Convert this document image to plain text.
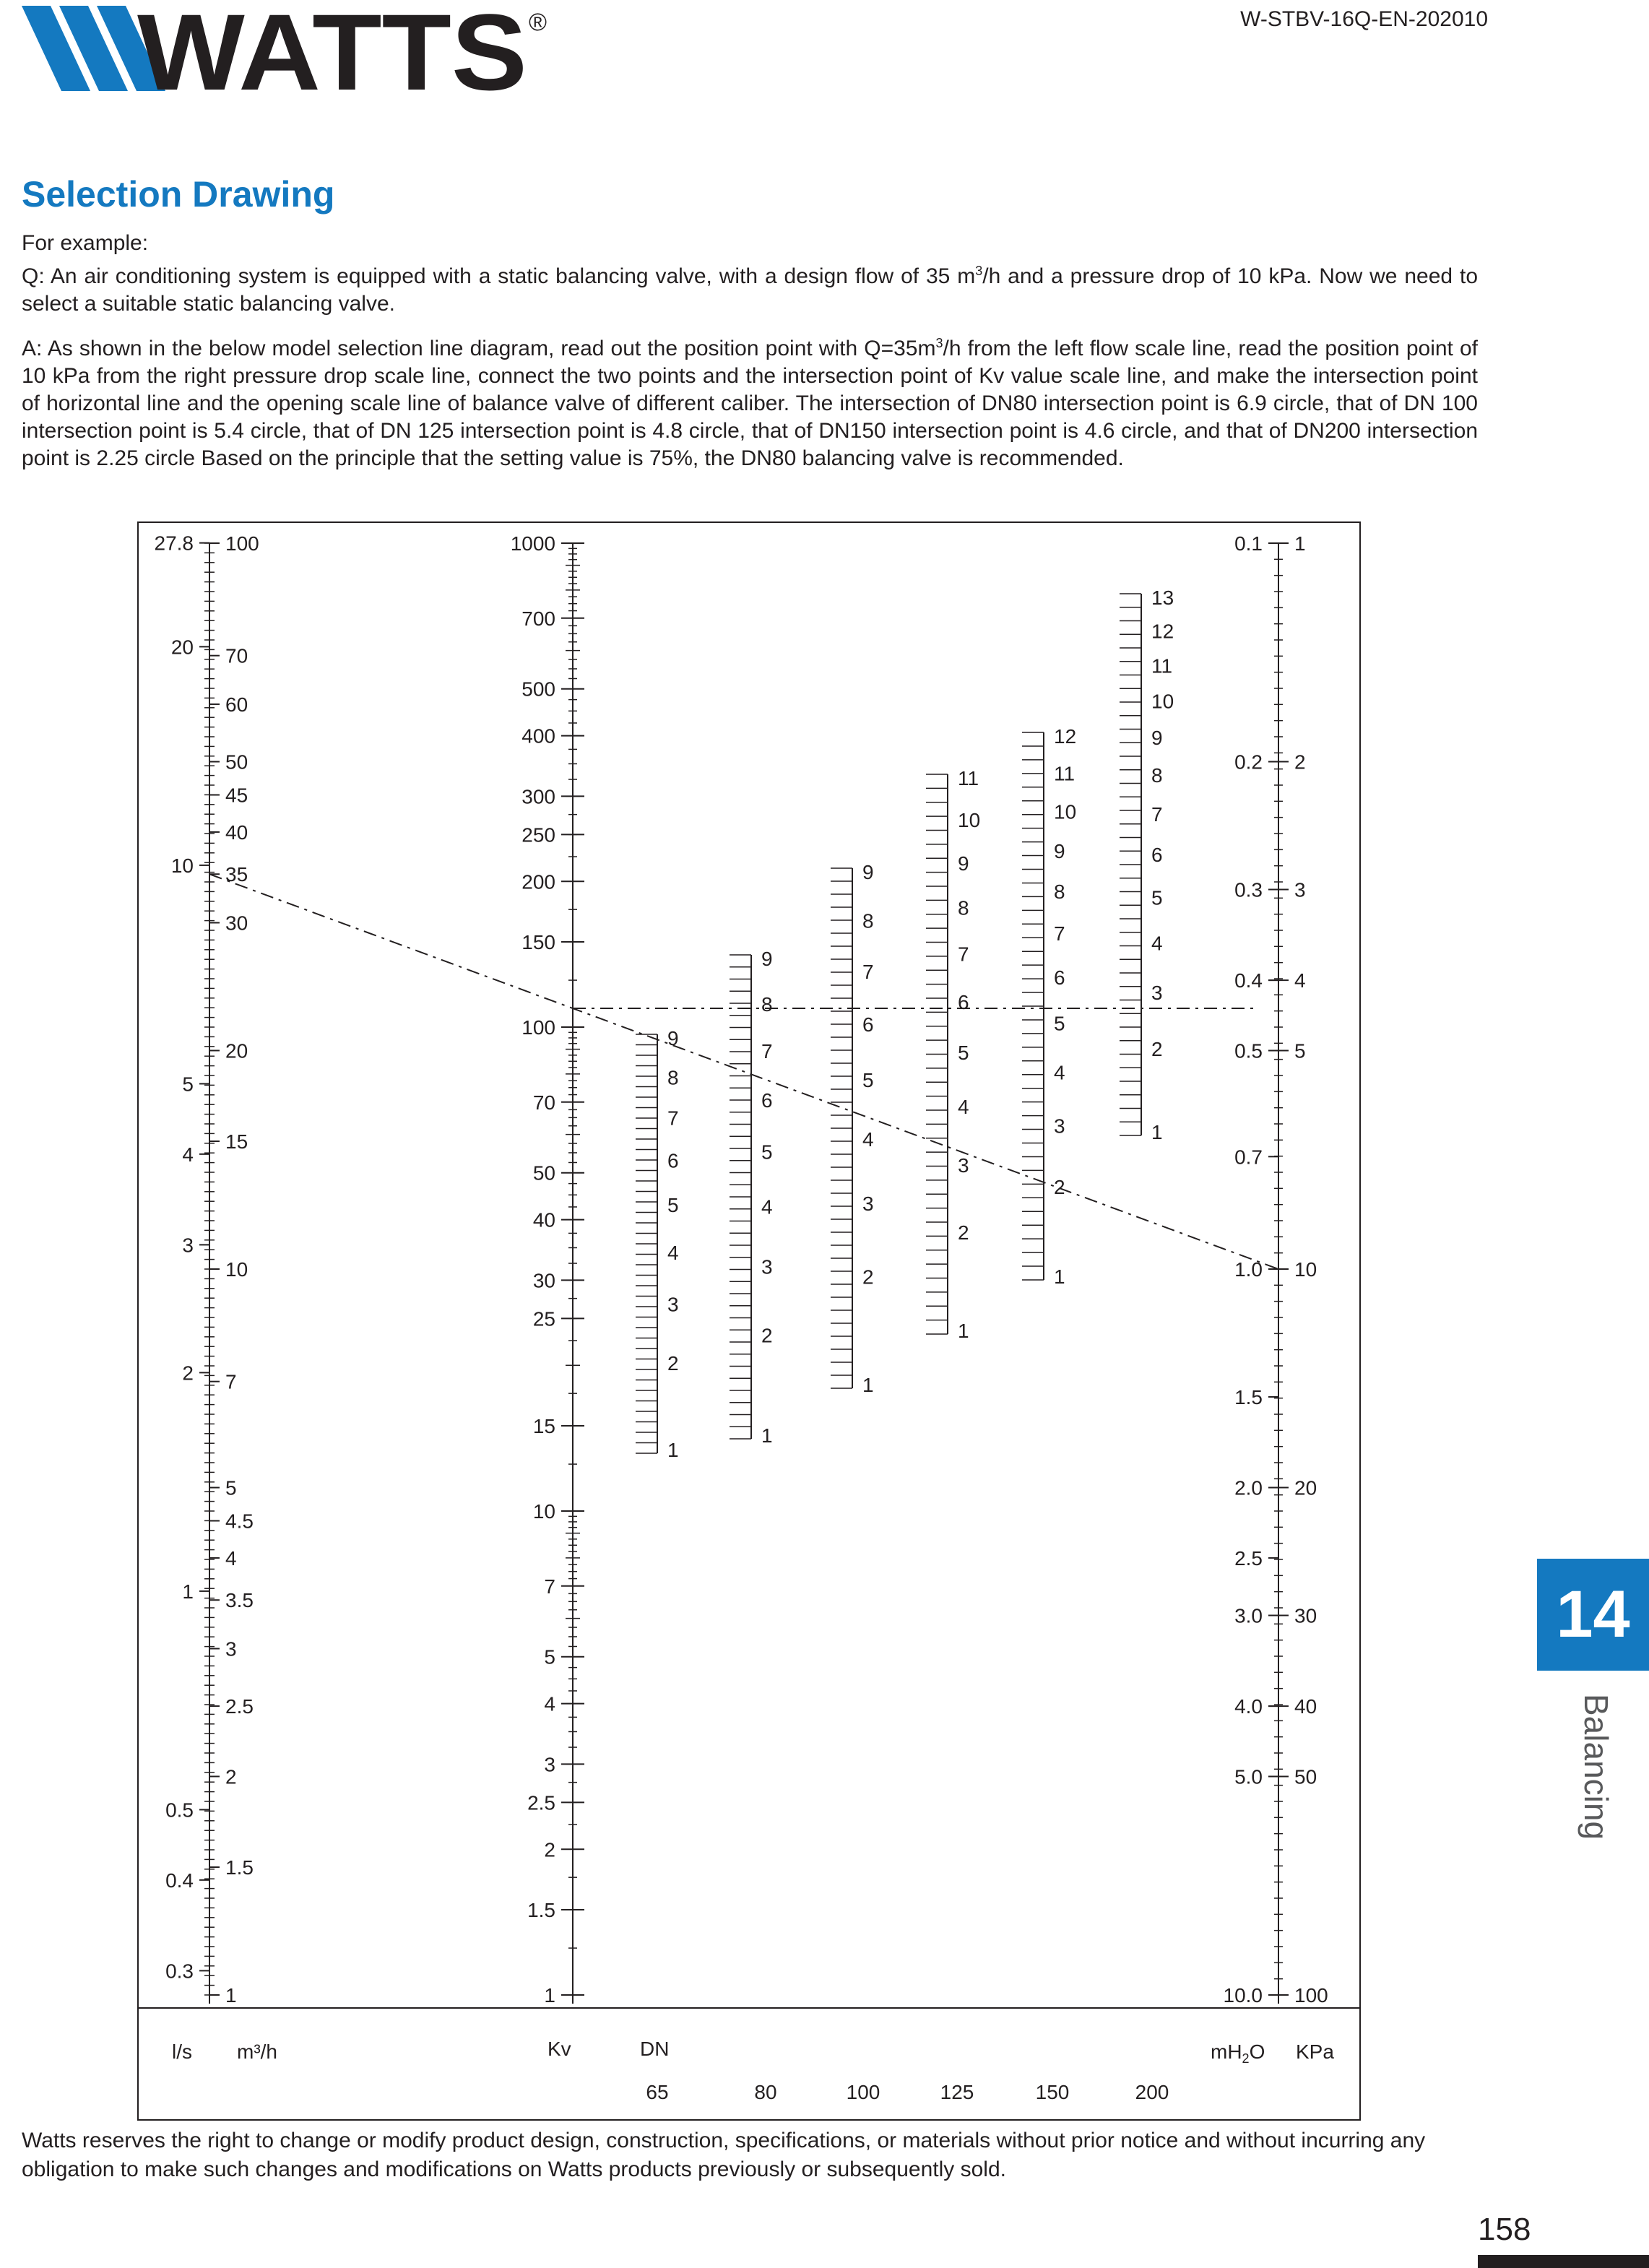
WATTS ®	W-STBV-16Q-EN-202010
Selection Drawing

For example:
Q: An air conditioning system is equipped with a static balancing valve, with a design flow of 35 $m^3/h$ and a pressure drop of 10 kPa. Now we need to select a suitable static balancing valve.

A: As shown in the below model selection line diagram, read out the position point with $Q=35m^3/h$ from the left flow scale line, read the position point of 10 kPa from the right pressure drop scale line, connect the two points and the intersection point of Kv value scale line, and make the intersection point of horizontal line and the opening scale line of balance valve of different caliber. The intersection of DN80 intersection point is 6.9 circle, that of DN 100 intersection point is 5.4 circle, that of DN 125 intersection point is 4.8 circle, that of DN150 intersection point is 4.6 circle, and that of DN200 intersection point is 2.25 circle Based on the principle that the setting value is 75%, the DN80 balancing valve is recommended.

100
70
60
50
45
40
35
30
20
15
10
7
5
4.5
4
3.5
3
2.5
2
1.5
1
27.8
20
10
5
4
3
2
1
0.5
0.4
0.3
1000
700
500
400
300
250
200
150
100
70
50
40
30
25
15
10
7
5
4
3
2.5
2
1.5
1
1
2
3
4
5
10
20
30
40
50
100
0.1
0.2
0.3
0.4
0.5
0.7
1.0
1.5
2.0
2.5
3.0
4.0
5.0
10.0
9
8
7
6
5
4
3
2
1
9
8
7
6
5
4
3
2
1
9
8
7
6
5
4
3
2
1
11
10
9
8
7
6
5
4
3
2
1
12
11
10
9
8
7
6
5
4
3
2
1
13
12
11
10
9
8
7
6
5
4
3
2
1
l/s m³/h	Kv	DN	$mH_2O$ KPa
65	80	100	125	150	200

Watts reserves the right to change or modify product design, construction, specifications, or materials without prior notice and without incurring any obligation to make such changes and modifications on Watts products previously or subsequently sold.

158
14
Balancing
